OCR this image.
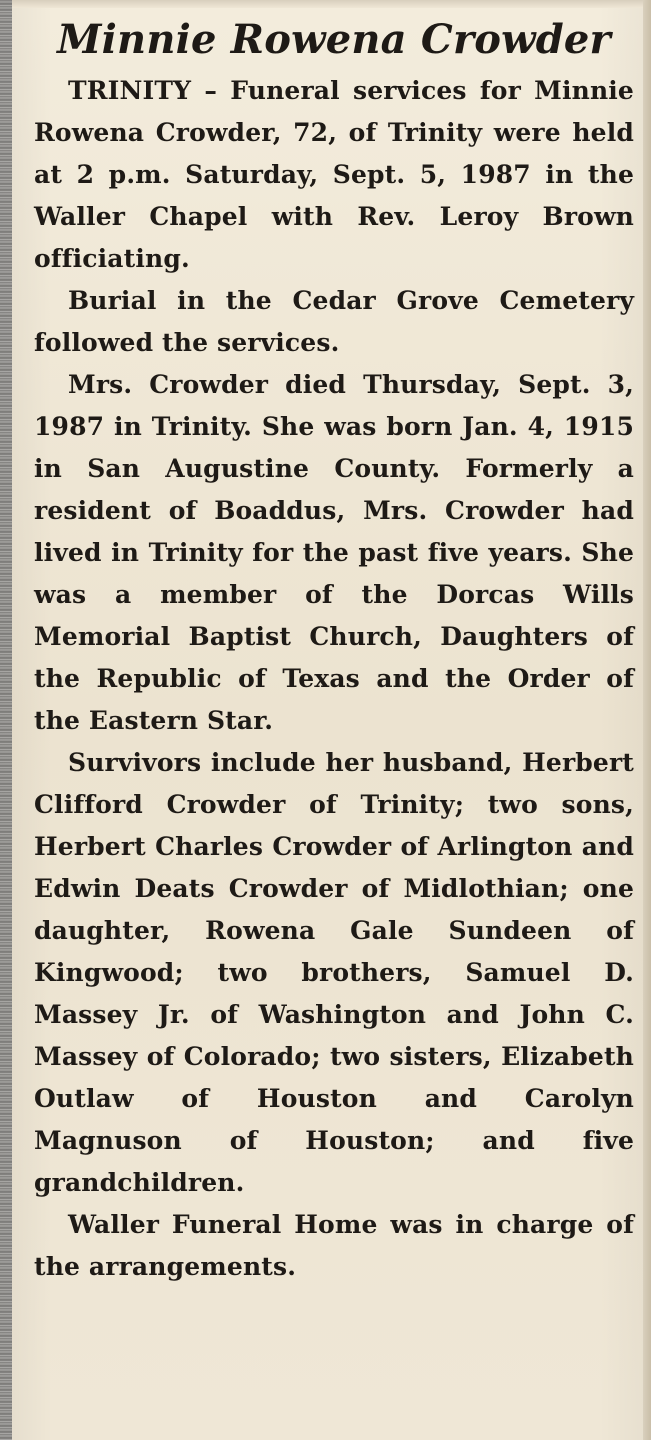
Minnie Rowena Crowder

TRINITY – Funeral services for Minnie Rowena Crowder, 72, of Trinity were held at 2 p.m. Saturday, Sept. 5, 1987 in the Waller Chapel with Rev. Leroy Brown officiating.

Burial in the Cedar Grove Cemetery followed the services.

Mrs. Crowder died Thursday, Sept. 3, 1987 in Trinity. She was born Jan. 4, 1915 in San Augustine County. Formerly a resident of Boaddus, Mrs. Crowder had lived in Trinity for the past five years. She was a member of the Dorcas Wills Memorial Baptist Church, Daughters of the Republic of Texas and the Order of the Eastern Star.

Survivors include her husband, Herbert Clifford Crowder of Trinity; two sons, Herbert Charles Crowder of Arlington and Edwin Deats Crowder of Midlothian; one daughter, Rowena Gale Sundeen of Kingwood; two brothers, Samuel D. Massey Jr. of Washington and John C. Massey of Colorado; two sisters, Elizabeth Outlaw of Houston and Carolyn Magnuson of Houston; and five grandchildren.

Waller Funeral Home was in charge of the arrangements.
